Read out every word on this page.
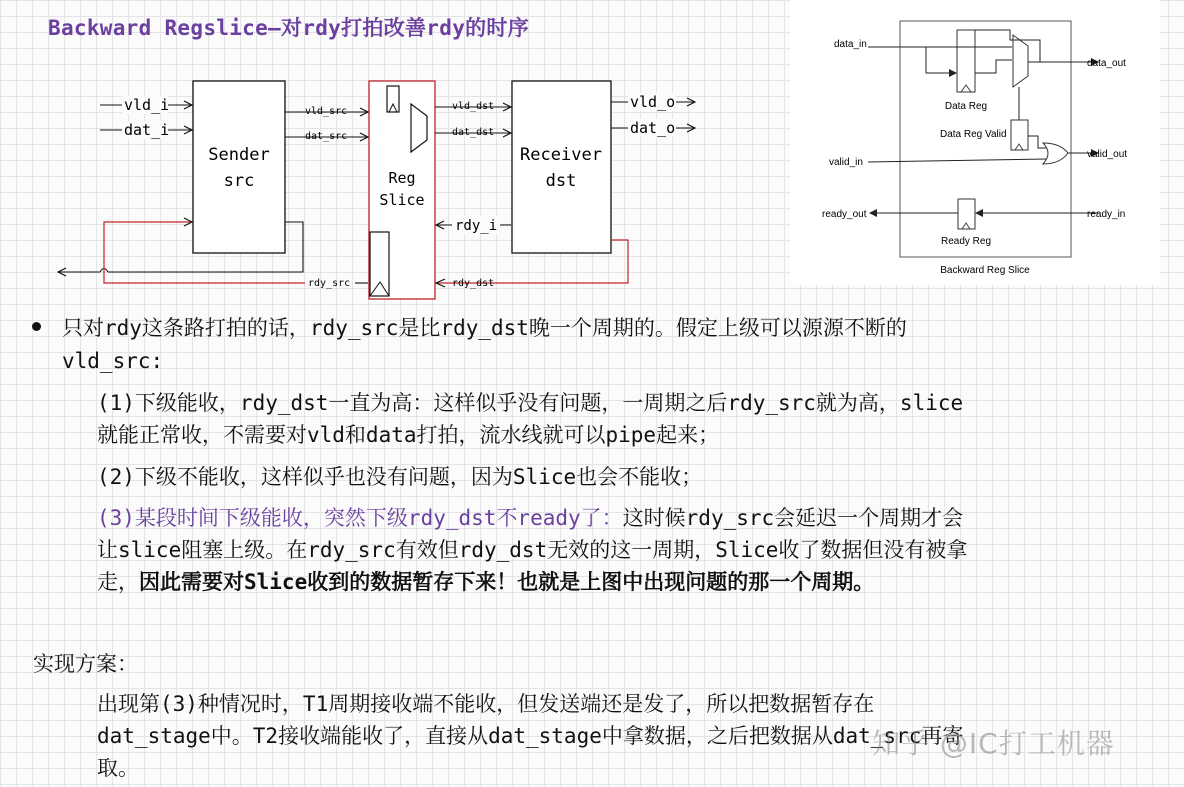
Backward Regslice—对rdy打拍改善rdy的时序
Sender
src	Reg
Slice
Receiver
dst
vld_i
dat_i
vld_src
dat_src
vld_dst
dat_dst
vld_o
dat_o
rdy_i
rdy_dst
rdy_src
Data Reg
data_in
data_out
Data Reg Valid
valid_in
valid_out
Ready Reg
ready_out	ready_in
Backward Reg Slice
只对rdy这条路打拍的话，rdy_src是比rdy_dst晚一个周期的。假定上级可以源源不断的
vld_src:
(1)下级能收，rdy_dst一直为高：这样似乎没有问题，一周期之后rdy_src就为高，slice
就能正常收，不需要对vld和data打拍，流水线就可以pipe起来；
(2)下级不能收，这样似乎也没有问题，因为Slice也会不能收；
(3)某段时间下级能收，突然下级rdy_dst不ready了：这时候rdy_src会延迟一个周期才会
让slice阻塞上级。在rdy_src有效但rdy_dst无效的这一周期，Slice收了数据但没有被拿
走，因此需要对Slice收到的数据暂存下来！也就是上图中出现问题的那一个周期。
实现方案：
出现第(3)种情况时，T1周期接收端不能收，但发送端还是发了，所以把数据暂存在
dat_stage中。T2接收端能收了，直接从dat_stage中拿数据，之后把数据从dat_src再寄
取。
知乎 @IC打工机器
